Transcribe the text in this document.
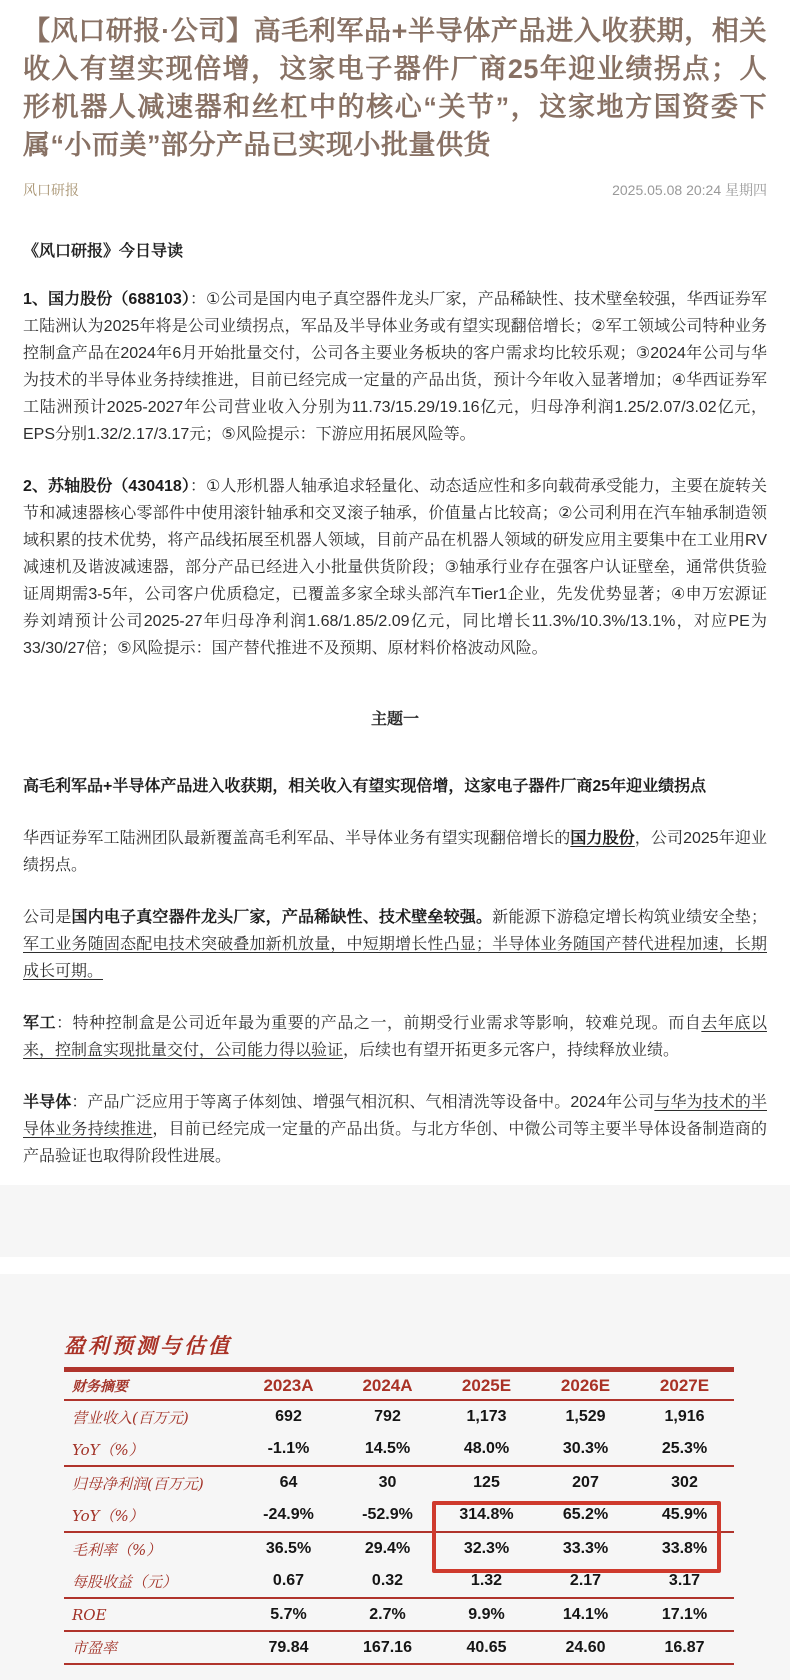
【风口研报·公司】高毛利军品+半导体产品进入收获期，相关收入有望实现倍增，这家电子器件厂商25年迎业绩拐点；人形机器人减速器和丝杠中的核心“关节”，这家地方国资委下属“小而美”部分产品已实现小批量供货
风口研报	2025.05.08 20:24 星期四
《风口研报》今日导读

1、国力股份（688103）：①公司是国内电子真空器件龙头厂家，产品稀缺性、技术壁垒较强，华西证券军工陆洲认为2025年将是公司业绩拐点，军品及半导体业务或有望实现翻倍增长；②军工领域公司特种业务控制盒产品在2024年6月开始批量交付，公司各主要业务板块的客户需求均比较乐观；③2024年公司与华为技术的半导体业务持续推进，目前已经完成一定量的产品出货，预计今年收入显著增加；④华西证券军工陆洲预计2025-2027年公司营业收入分别为11.73/15.29/19.16亿元，归母净利润1.25/2.07/3.02亿元，EPS分别1.32/2.17/3.17元；⑤风险提示：下游应用拓展风险等。

2、苏轴股份（430418）：①人形机器人轴承追求轻量化、动态适应性和多向载荷承受能力，主要在旋转关节和减速器核心零部件中使用滚针轴承和交叉滚子轴承，价值量占比较高；②公司利用在汽车轴承制造领域积累的技术优势，将产品线拓展至机器人领域，目前产品在机器人领域的研发应用主要集中在工业用RV减速机及谐波减速器，部分产品已经进入小批量供货阶段；③轴承行业存在强客户认证壁垒，通常供货验证周期需3-5年，公司客户优质稳定，已覆盖多家全球头部汽车Tier1企业，先发优势显著；④申万宏源证券刘靖预计公司2025-27年归母净利润1.68/1.85/2.09亿元，同比增长11.3%/10.3%/13.1%，对应PE为33/30/27倍；⑤风险提示：国产替代推进不及预期、原材料价格波动风险。

主题一

高毛利军品+半导体产品进入收获期，相关收入有望实现倍增，这家电子器件厂商25年迎业绩拐点

华西证券军工陆洲团队最新覆盖高毛利军品、半导体业务有望实现翻倍增长的国力股份，公司2025年迎业绩拐点。

公司是国内电子真空器件龙头厂家，产品稀缺性、技术壁垒较强。新能源下游稳定增长构筑业绩安全垫；军工业务随固态配电技术突破叠加新机放量，中短期增长性凸显；半导体业务随国产替代进程加速，长期成长可期。

军工：特种控制盒是公司近年最为重要的产品之一，前期受行业需求等影响，较难兑现。而自去年底以来，控制盒实现批量交付，公司能力得以验证，后续也有望开拓更多元客户，持续释放业绩。

半导体：产品广泛应用于等离子体刻蚀、增强气相沉积、气相清洗等设备中。2024年公司与华为技术的半导体业务持续推进，目前已经完成一定量的产品出货。与北方华创、中微公司等主要半导体设备制造商的产品验证也取得阶段性进展。

盈利预测与估值
财务摘要	2023A	2024A	2025E	2026E	2027E
营业收入(百万元)	692	792	1,173	1,529	1,916
YoY（%）	-1.1%	14.5%	48.0%	30.3%	25.3%
归母净利润(百万元)	64	30	125	207	302
YoY（%）	-24.9%	-52.9%	314.8%	65.2%	45.9%
毛利率（%）	36.5%	29.4%	32.3%	33.3%	33.8%
每股收益（元）	0.67	0.32	1.32	2.17	3.17
ROE	5.7%	2.7%	9.9%	14.1%	17.1%
市盈率	79.84	167.16	40.65	24.60	16.87
